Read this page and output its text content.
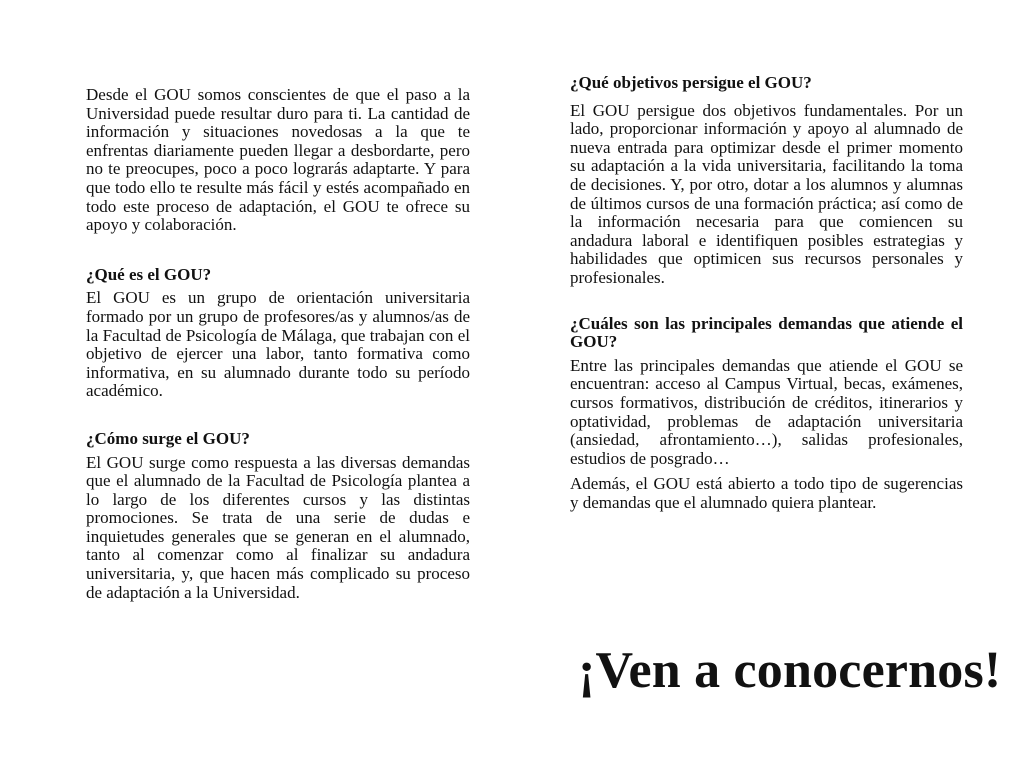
Desde el GOU somos conscientes de que el paso a la Universidad puede resultar duro para ti. La cantidad de información y situaciones novedosas a la que te enfrentas diariamente pueden llegar a desbordarte, pero no te preocupes, poco a poco lograrás adaptarte. Y para que todo ello te resulte más fácil y estés acompañado en todo este proceso de adaptación, el GOU te ofrece su apoyo y colaboración.

¿Qué es el GOU?

El GOU es un grupo de orientación universitaria formado por un grupo de profesores/as y alumnos/as de la Facultad de Psicología de Málaga, que trabajan con el objetivo de ejercer una labor, tanto formativa como informativa, en su alumnado durante todo su período académico.

¿Cómo surge el GOU?

El GOU surge como respuesta a las diversas demandas que el alumnado de la Facultad de Psicología plantea a lo largo de los diferentes cursos y las distintas promociones. Se trata de una serie de dudas e inquietudes generales que se generan en el alumnado, tanto al comenzar como al finalizar su andadura universitaria, y, que hacen más complicado su proceso de adaptación a la Universidad.

¿Qué objetivos persigue el GOU?

El GOU persigue dos objetivos fundamentales. Por un lado, proporcionar información y apoyo al alumnado de nueva entrada para optimizar desde el primer momento su adaptación a la vida universitaria, facilitando la toma de decisiones. Y, por otro, dotar a los alumnos y alumnas de últimos cursos de una formación práctica; así como de la información necesaria para que comiencen su andadura laboral e identifiquen posibles estrategias y habilidades que optimicen sus recursos personales y profesionales.

¿Cuáles son las principales demandas que atiende el GOU?

Entre las principales demandas que atiende el GOU se encuentran: acceso al Campus Virtual, becas, exámenes, cursos formativos, distribución de créditos, itinerarios y optatividad, problemas de adaptación universitaria (ansiedad, afrontamiento…), salidas profesionales, estudios de posgrado…

Además, el GOU está abierto a todo tipo de sugerencias y demandas que el alumnado quiera plantear.

¡Ven a conocernos!
